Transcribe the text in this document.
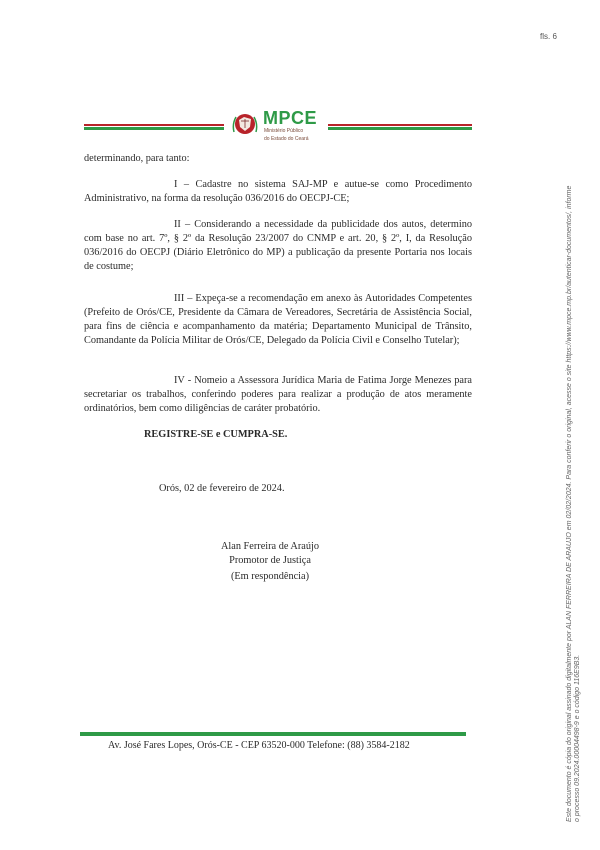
fls. 6
MPCE
Ministério Público
do Estado do Ceará
determinando, para tanto:
I – Cadastre no sistema SAJ-MP e autue-se como Procedimento Administrativo, na forma da resolução 036/2016 do OECPJ-CE;
II – Considerando a necessidade da publicidade dos autos, determino com base no art. 7º, § 2º da Resolução 23/2007 do CNMP e art. 20, § 2º, I, da Resolução 036/2016 do OECPJ (Diário Eletrônico do MP) a publicação da presente Portaria nos locais de costume;
III – Expeça-se a recomendação em anexo às Autoridades Competentes (Prefeito de Orós/CE, Presidente da Câmara de Vereadores, Secretária de Assistência Social, para fins de ciência e acompanhamento da matéria; Departamento Municipal de Trânsito, Comandante da Polícia Militar de Orós/CE, Delegado da Polícia Civil e Conselho Tutelar);
IV - Nomeio a Assessora Jurídica Maria de Fatima Jorge Menezes para secretariar os trabalhos, conferindo poderes para realizar a produção de atos meramente ordinatórios, bem como diligências de caráter probatório.
REGISTRE-SE e CUMPRA-SE.
Orós, 02 de fevereiro de 2024.
Alan Ferreira de Araújo
Promotor de Justiça
(Em respondência)
Av. José Fares Lopes, Orós-CE - CEP 63520-000 Telefone: (88) 3584-2182	Este documento é cópia do original assinado digitalmente por ALAN FERREIRA DE ARAUJO em 02/02/2024. Para conferir o original, acesse o site https://www.mpce.mp.br/autenticar-documentos/, informe o processo 09.2024.00004498-9 e o código 116E9B3.
